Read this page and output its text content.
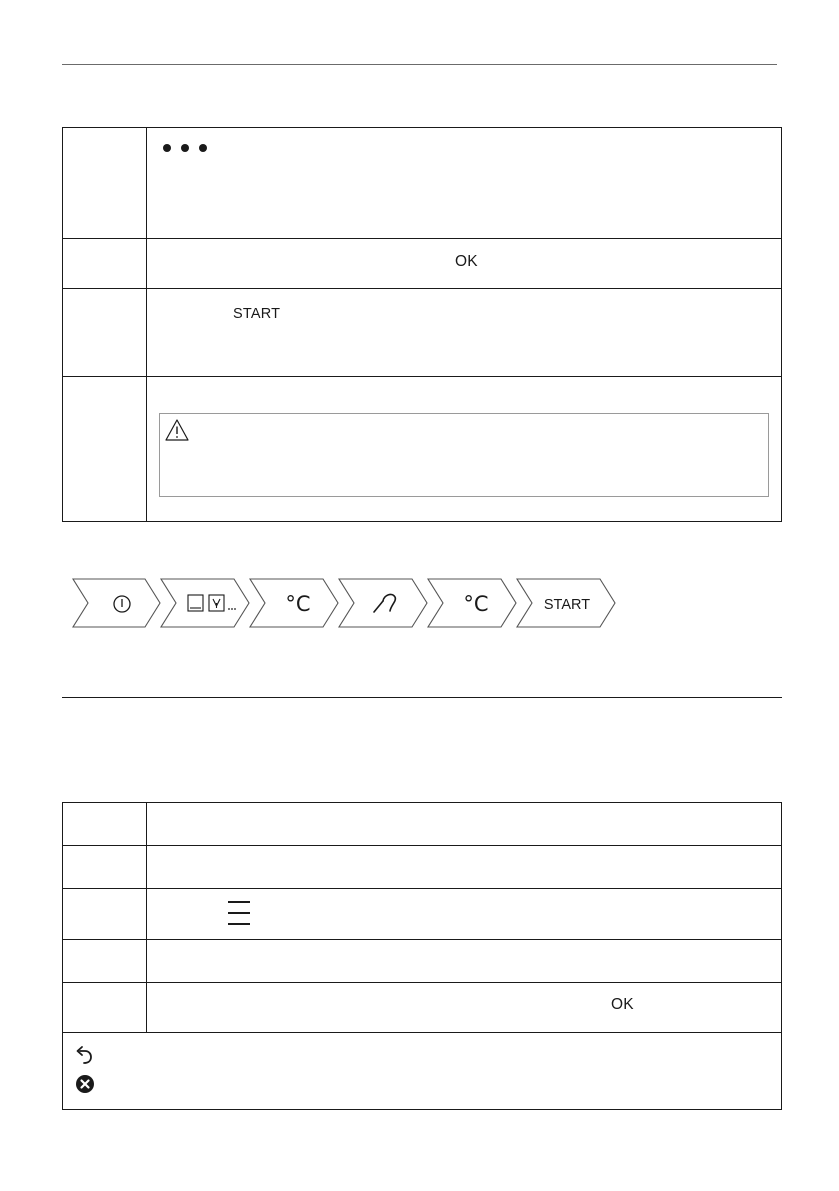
	OK

	START

°C	°C	START

	OK
